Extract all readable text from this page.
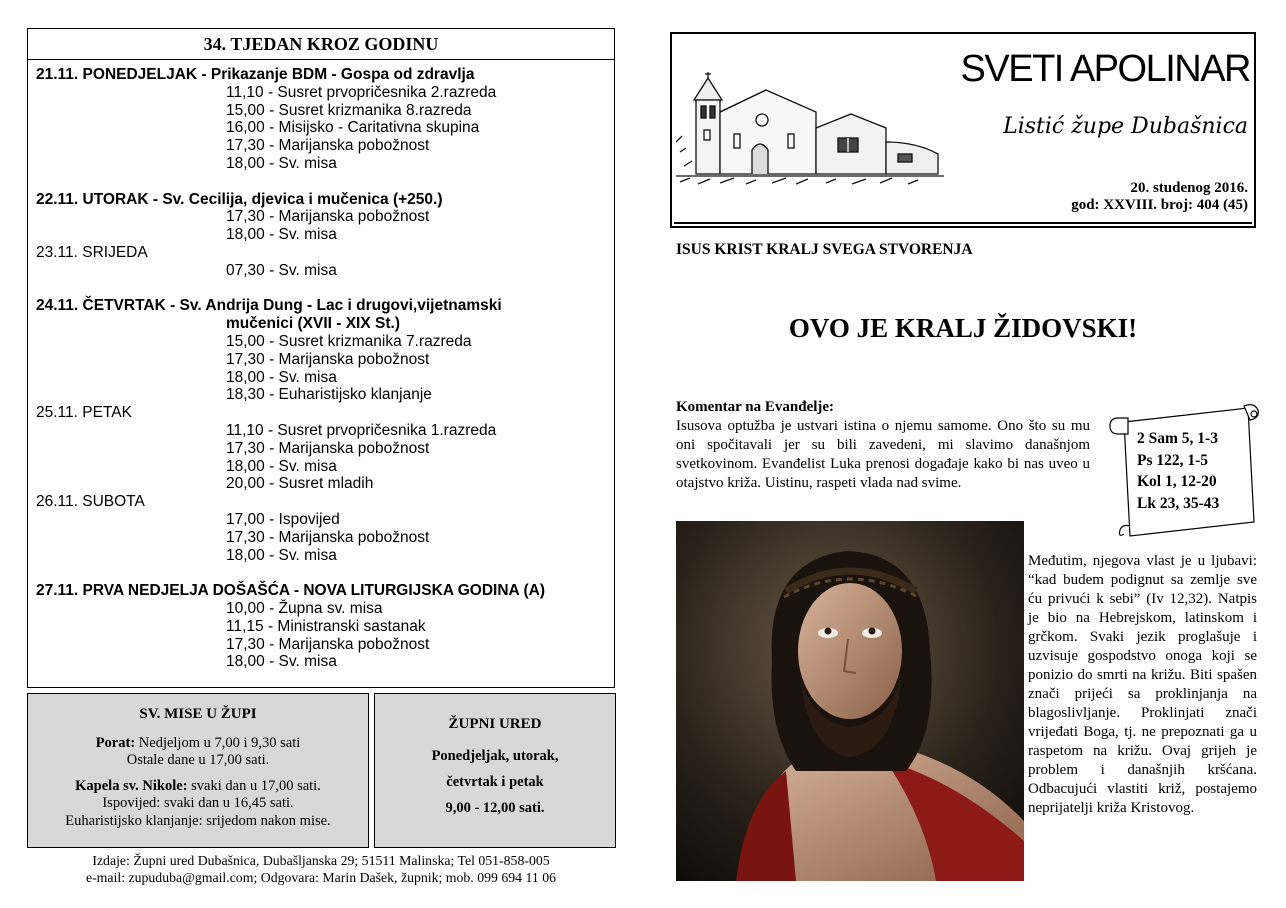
34. TJEDAN KROZ GODINU
21.11. PONEDJELJAK - Prikazanje BDM - Gospa od zdravlja
11,10 - Susret prvopričesnika 2.razreda
15,00 - Susret krizmanika 8.razreda
16,00 - Misijsko - Caritativna skupina
17,30 - Marijanska pobožnost
18,00 - Sv. misa
22.11. UTORAK - Sv. Cecilija, djevica i mučenica (+250.)
17,30 - Marijanska pobožnost
18,00 - Sv. misa
23.11. SRIJEDA
07,30 - Sv. misa
24.11. ČETVRTAK - Sv. Andrija Dung - Lac i drugovi,vijetnamski
mučenici (XVII - XIX St.)
15,00 - Susret krizmanika 7.razreda
17,30 - Marijanska pobožnost
18,00 - Sv. misa
18,30 - Euharistijsko klanjanje
25.11. PETAK
11,10 - Susret prvopričesnika 1.razreda
17,30 - Marijanska pobožnost
18,00 - Sv. misa
20,00 - Susret mladih
26.11. SUBOTA
17,00 - Ispovijed
17,30 - Marijanska pobožnost
18,00 - Sv. misa
27.11. PRVA NEDJELJA DOŠAŠĆA - NOVA LITURGIJSKA GODINA (A)
10,00 - Župna sv. misa
11,15 - Ministranski sastanak
17,30 - Marijanska pobožnost
18,00 - Sv. misa
SV. MISE U ŽUPI

Porat: Nedjeljom u 7,00 i 9,30 sati

Ostale dane u 17,00 sati.

Kapela sv. Nikole: svaki dan u 17,00 sati.

Ispovijed: svaki dan u 16,45 sati.

Euharistijsko klanjanje: srijedom nakon mise.

ŽUPNI URED

Ponedjeljak, utorak,

četvrtak i petak

9,00 - 12,00 sati.

Izdaje: Župni ured Dubašnica, Dubašljanska 29; 51511 Malinska; Tel 051-858-005
e-mail: zupuduba@gmail.com; Odgovara: Marin Dašek, župnik; mob. 099 694 11 06
SVETI APOLINAR
Listić župe Dubašnica
20. studenog 2016.
god: XXVIII. broj: 404 (45)
ISUS KRIST KRALJ SVEGA STVORENJA
OVO JE KRALJ ŽIDOVSKI!
Komentar na Evanđelje:

Isusova optužba je ustvari istina o njemu samome. Ono što su mu oni spočitavali jer su bili zavedeni, mi slavimo današnjom svetkovinom. Evanđelist Luka prenosi događaje kako bi nas uveo u otajstvo križa. Uistinu, raspeti vlada nad svime.

2 Sam 5, 1-3
Ps 122, 1-5
Kol 1, 12-20
Lk 23, 35-43

Međutim, njegova vlast je u ljubavi: “kad budem podignut sa zemlje sve ću privući k sebi” (Iv 12,32). Natpis je bio na Hebrejskom, latinskom i grčkom. Svaki jezik proglašuje i uzvisuje gospodstvo onoga koji se ponizio do smrti na križu. Biti spašen znači prijeći sa proklinjanja na blagoslivljanje. Proklinjati znači vrijeđati Boga, tj. ne prepoznati ga u raspetom na križu. Ovaj grijeh je problem i današnjih kršćana. Odbacujući vlastiti križ, postajemo neprijatelji križa Kristovog.
